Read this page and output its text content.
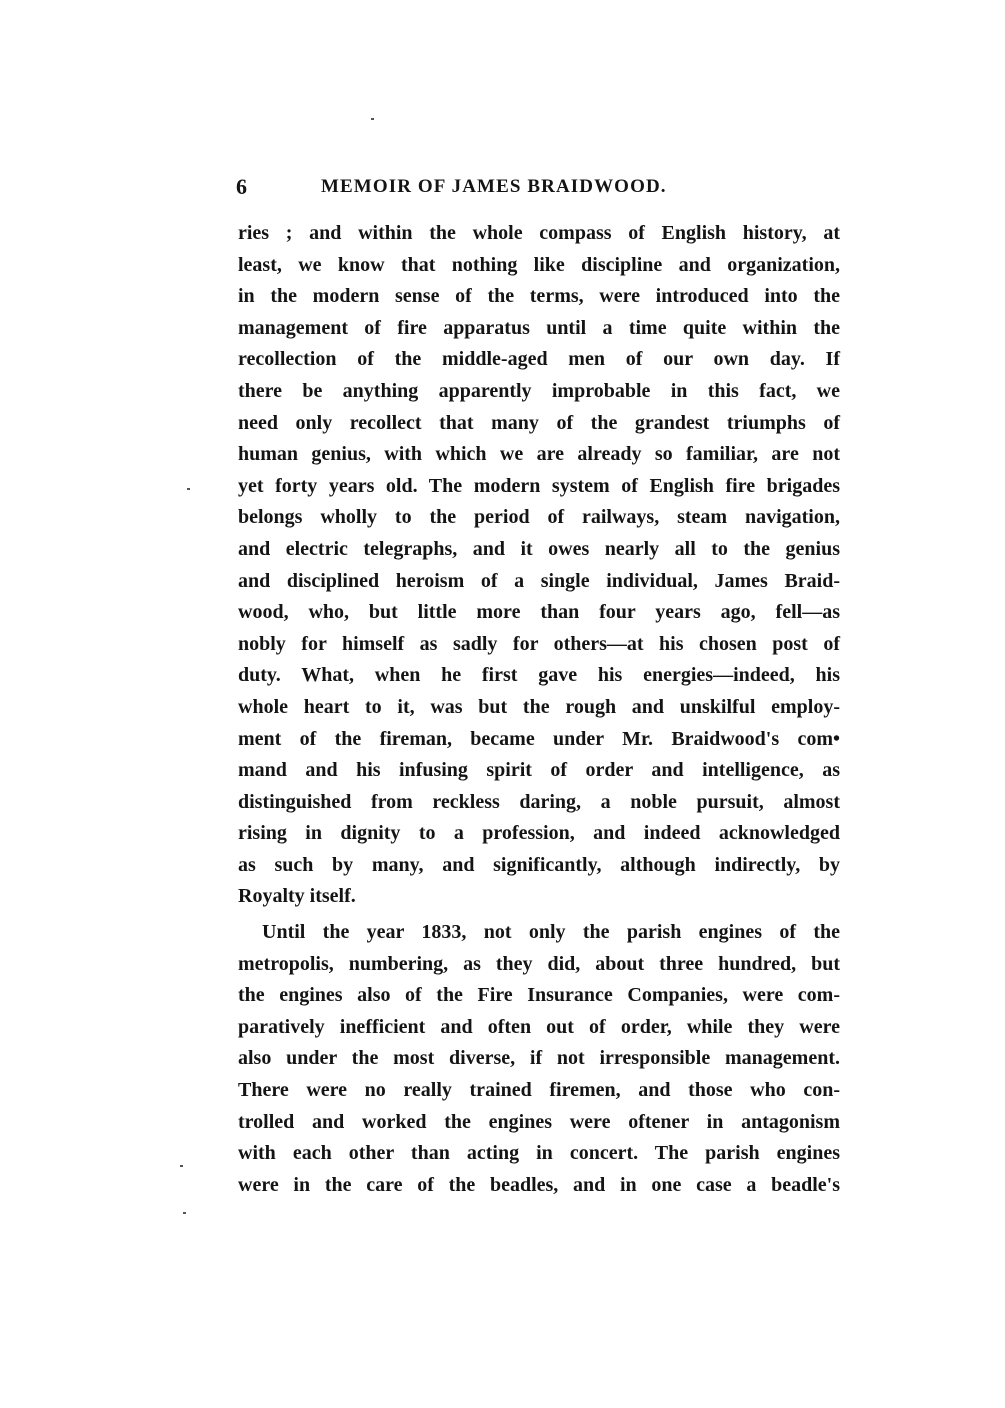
6	MEMOIR OF JAMES BRAIDWOOD.
ries ; and within the whole compass of English history, at
least, we know that nothing like discipline and organization,
in the modern sense of the terms, were introduced into the
management of fire apparatus until a time quite within the
recollection of the middle-aged men of our own day. If
there be anything apparently improbable in this fact, we
need only recollect that many of the grandest triumphs of
human genius, with which we are already so familiar, are not
yet forty years old. The modern system of English fire brigades
belongs wholly to the period of railways, steam navigation,
and electric telegraphs, and it owes nearly all to the genius
and disciplined heroism of a single individual, James Braid-
wood, who, but little more than four years ago, fell—as
nobly for himself as sadly for others—at his chosen post of
duty. What, when he first gave his energies—indeed, his
whole heart to it, was but the rough and unskilful employ-
ment of the fireman, became under Mr. Braidwood's com•
mand and his infusing spirit of order and intelligence, as
distinguished from reckless daring, a noble pursuit, almost
rising in dignity to a profession, and indeed acknowledged
as such by many, and significantly, although indirectly, by
Royalty itself.
Until the year 1833, not only the parish engines of the
metropolis, numbering, as they did, about three hundred, but
the engines also of the Fire Insurance Companies, were com-
paratively inefficient and often out of order, while they were
also under the most diverse, if not irresponsible management.
There were no really trained firemen, and those who con-
trolled and worked the engines were oftener in antagonism
with each other than acting in concert. The parish engines
were in the care of the beadles, and in one case a beadle's
